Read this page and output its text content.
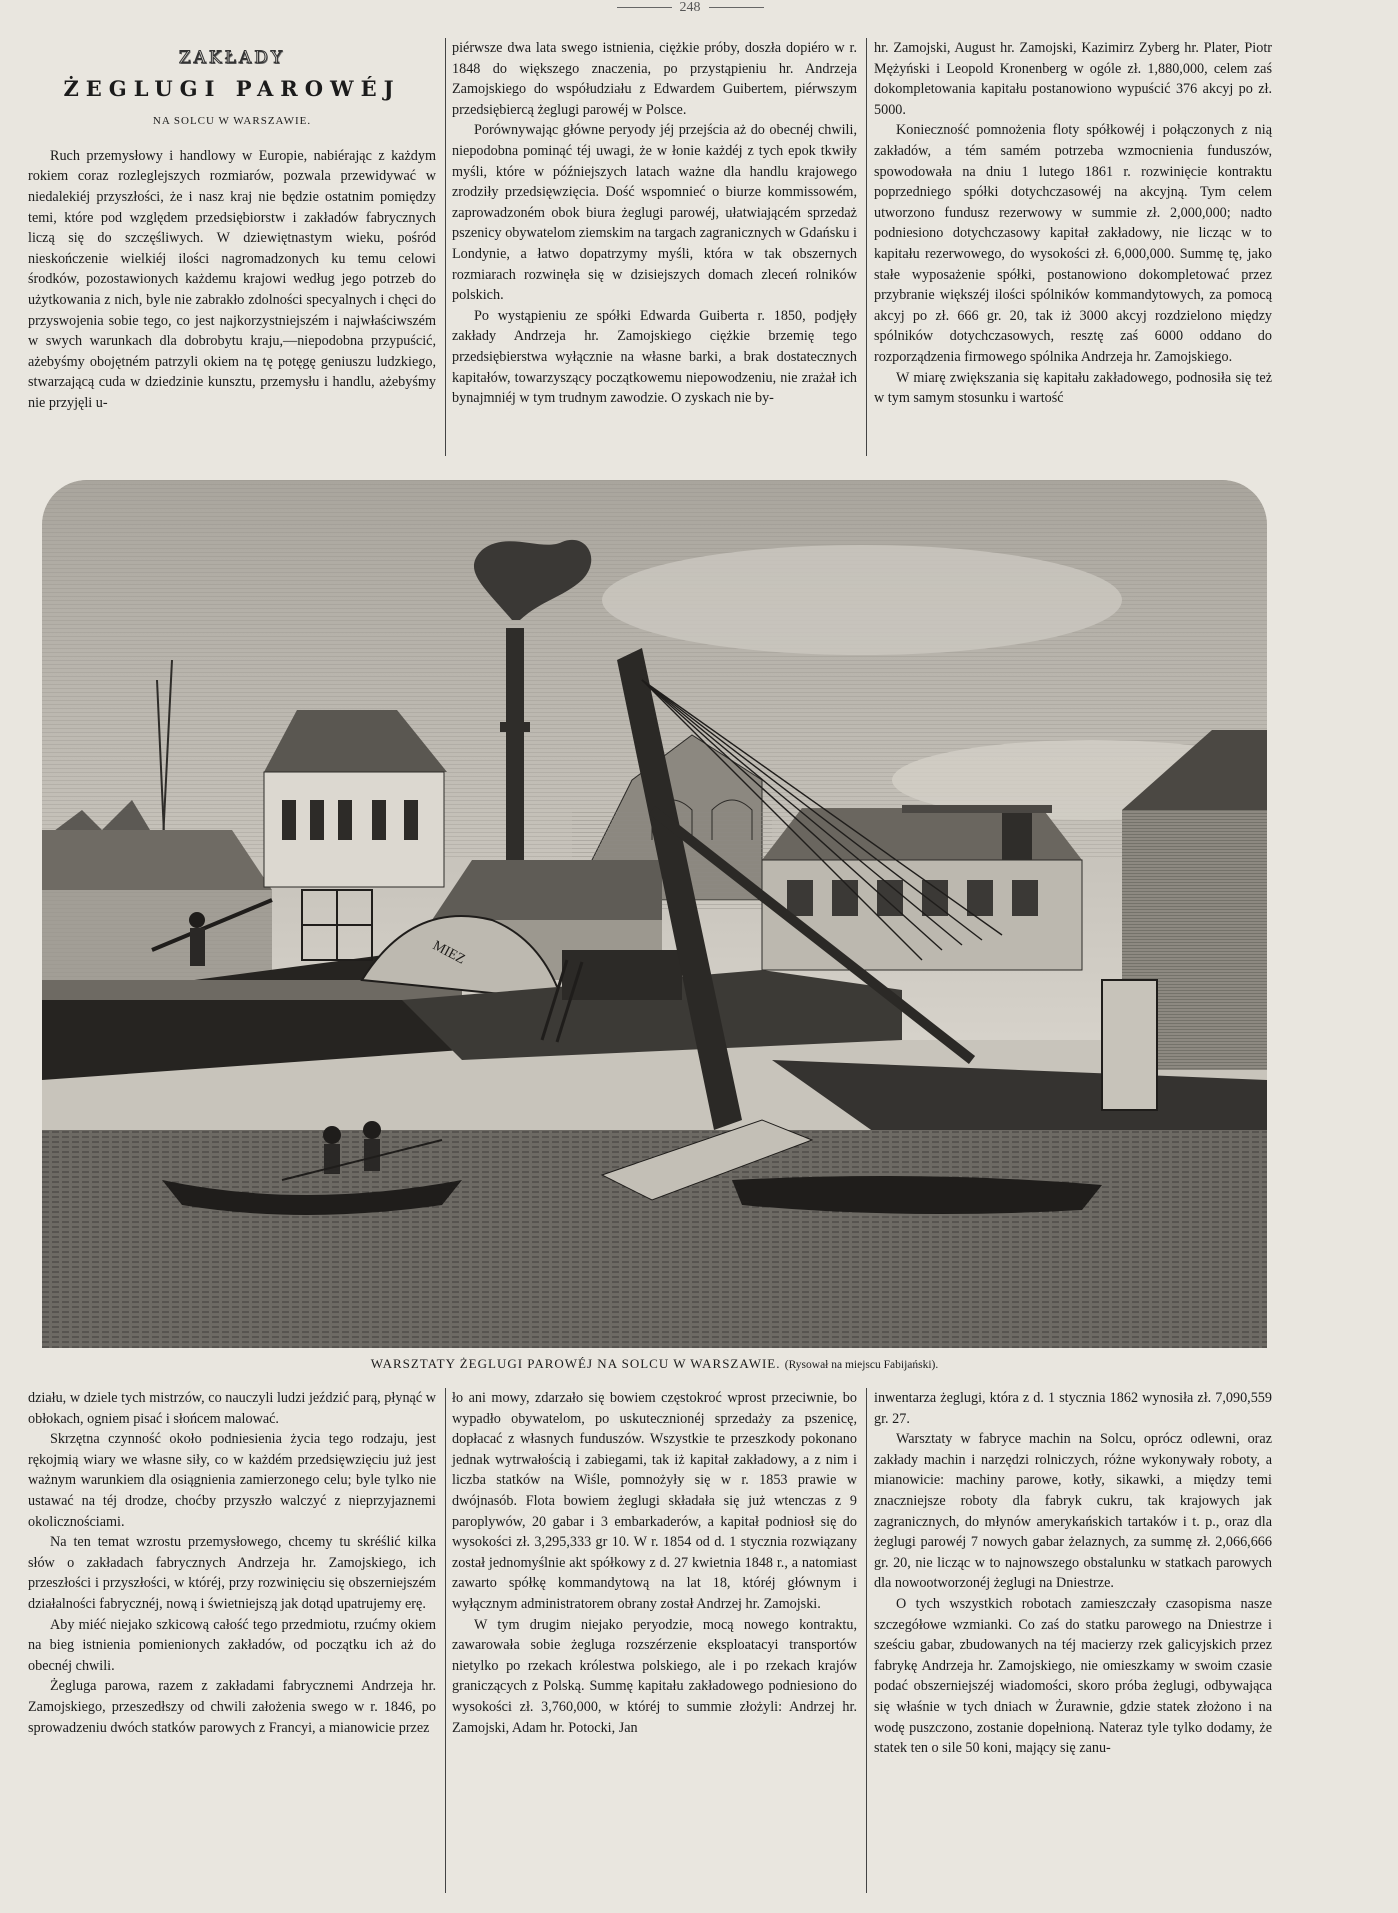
248
ZAKŁADY
ŻEGLUGI PAROWÉJ
NA SOLCU W WARSZAWIE.

Ruch przemysłowy i handlowy w Europie, nabiérając z każdym rokiem coraz rozleglejszych rozmiarów, pozwala przewidywać w niedalekiéj przyszłości, że i nasz kraj nie będzie ostatnim pomiędzy temi, które pod względem przedsiębiorstw i zakładów fabrycznych liczą się do szczęśliwych. W dziewiętnastym wieku, pośród nieskończenie wielkiéj ilości nagromadzonych ku temu celowi środków, pozostawionych każdemu krajowi według jego potrzeb do użytkowania z nich, byle nie zabrakło zdolności specyalnych i chęci do przyswojenia sobie tego, co jest najkorzystniejszém i najwłaściwszém w swych warunkach dla dobrobytu kraju,—niepodobna przypuścić, ażebyśmy obojętném patrzyli okiem na tę potęgę geniuszu ludzkiego, stwarzającą cuda w dziedzinie kunsztu, przemysłu i handlu, ażebyśmy nie przyjęli u-

piérwsze dwa lata swego istnienia, ciężkie próby, doszła dopiéro w r. 1848 do większego znaczenia, po przystąpieniu hr. Andrzeja Zamojskiego do współudziału z Edwardem Guibertem, piérwszym przedsiębiercą żeglugi parowéj w Polsce.

Porównywając główne peryody jéj przejścia aż do obecnéj chwili, niepodobna pominąć téj uwagi, że w łonie każdéj z tych epok tkwiły myśli, które w późniejszych latach ważne dla handlu krajowego zrodziły przedsięwzięcia. Dość wspomnieć o biurze kommissowém, zaprowadzoném obok biura żeglugi parowéj, ułatwiającém sprzedaż pszenicy obywatelom ziemskim na targach zagranicznych w Gdańsku i Londynie, a łatwo dopatrzymy myśli, która w tak obszernych rozmiarach rozwinęła się w dzisiejszych domach zleceń rolników polskich.

Po wystąpieniu ze spółki Edwarda Guiberta r. 1850, podjęły zakłady Andrzeja hr. Zamojskiego ciężkie brzemię tego przedsiębierstwa wyłącznie na własne barki, a brak dostatecznych kapitałów, towarzyszący początkowemu niepowodzeniu, nie zrażał ich bynajmniéj w tym trudnym zawodzie. O zyskach nie by-

hr. Zamojski, August hr. Zamojski, Kazimirz Zyberg hr. Plater, Piotr Mężyński i Leopold Kronenberg w ogóle zł. 1,880,000, celem zaś dokompletowania kapitału postanowiono wypuścić 376 akcyj po zł. 5000.

Konieczność pomnożenia floty spółkowéj i połączonych z nią zakładów, a tém samém potrzeba wzmocnienia funduszów, spowodowała na dniu 1 lutego 1861 r. rozwinięcie kontraktu poprzedniego spółki dotychczasowéj na akcyjną. Tym celem utworzono fundusz rezerwowy w summie zł. 2,000,000; nadto podniesiono dotychczasowy kapitał zakładowy, nie licząc w to kapitału rezerwowego, do wysokości zł. 6,000,000. Summę tę, jako stałe wyposażenie spółki, postanowiono dokompletować przez przybranie większéj ilości spólników kommandytowych, za pomocą akcyj po zł. 666 gr. 20, tak iż 3000 akcyj rozdzielono między spólników dotychczasowych, resztę zaś 6000 oddano do rozporządzenia firmowego spólnika Andrzeja hr. Zamojskiego.

W miarę zwiększania się kapitału zakładowego, podnosiła się też w tym samym stosunku i wartość

MIEZ
WARSZTATY ŻEGLUGI PAROWÉJ NA SOLCU W WARSZAWIE. (Rysował na miejscu Fabijański).

działu, w dziele tych mistrzów, co nauczyli ludzi jeździć parą, płynąć w obłokach, ogniem pisać i słońcem malować.

Skrzętna czynność około podniesienia życia tego rodzaju, jest rękojmią wiary we własne siły, co w każdém przedsięwzięciu już jest ważnym warunkiem dla osiągnienia zamierzonego celu; byle tylko nie ustawać na téj drodze, choćby przyszło walczyć z nieprzyjaznemi okolicznościami.

Na ten temat wzrostu przemysłowego, chcemy tu skréślić kilka słów o zakładach fabrycznych Andrzeja hr. Zamojskiego, ich przeszłości i przyszłości, w któréj, przy rozwinięciu się obszerniejszém działalności fabrycznéj, nową i świetniejszą jak dotąd upatrujemy erę.

Aby miéć niejako szkicową całość tego przedmiotu, rzućmy okiem na bieg istnienia pomienionych zakładów, od początku ich aż do obecnéj chwili.

Żegluga parowa, razem z zakładami fabrycznemi Andrzeja hr. Zamojskiego, przeszedłszy od chwili założenia swego w r. 1846, po sprowadzeniu dwóch statków parowych z Francyi, a mianowicie przez

ło ani mowy, zdarzało się bowiem częstokroć wprost przeciwnie, bo wypadło obywatelom, po uskutecznionéj sprzedaży za pszenicę, dopłacać z własnych funduszów. Wszystkie te przeszkody pokonano jednak wytrwałością i zabiegami, tak iż kapitał zakładowy, a z nim i liczba statków na Wiśle, pomnożyły się w r. 1853 prawie w dwójnasób. Flota bowiem żeglugi składała się już wtenczas z 9 paroplywów, 20 gabar i 3 embarkaderów, a kapitał podniosł się do wysokości zł. 3,295,333 gr 10. W r. 1854 od d. 1 stycznia rozwiązany został jednomyślnie akt spółkowy z d. 27 kwietnia 1848 r., a natomiast zawarto spółkę kommandytową na lat 18, któréj głównym i wyłącznym administratorem obrany został Andrzej hr. Zamojski.

W tym drugim niejako peryodzie, mocą nowego kontraktu, zawarowała sobie żegluga rozszérzenie eksploatacyi transportów nietylko po rzekach królestwa polskiego, ale i po rzekach krajów graniczących z Polską. Summę kapitału zakładowego podniesiono do wysokości zł. 3,760,000, w któréj to summie złożyli: Andrzej hr. Zamojski, Adam hr. Potocki, Jan

inwentarza żeglugi, która z d. 1 stycznia 1862 wynosiła zł. 7,090,559 gr. 27.

Warsztaty w fabryce machin na Solcu, oprócz odlewni, oraz zakłady machin i narzędzi rolniczych, różne wykonywały roboty, a mianowicie: machiny parowe, kotły, sikawki, a między temi znaczniejsze roboty dla fabryk cukru, tak krajowych jak zagranicznych, do młynów amerykańskich tartaków i t. p., oraz dla żeglugi parowéj 7 nowych gabar żelaznych, za summę zł. 2,066,666 gr. 20, nie licząc w to najnowszego obstalunku w statkach parowych dla nowootworzonéj żeglugi na Dniestrze.

O tych wszystkich robotach zamieszczały czasopisma nasze szczegółowe wzmianki. Co zaś do statku parowego na Dniestrze i sześciu gabar, zbudowanych na téj macierzy rzek galicyjskich przez fabrykę Andrzeja hr. Zamojskiego, nie omieszkamy w swoim czasie podać obszerniejszéj wiadomości, skoro próba żeglugi, odbywająca się właśnie w tych dniach w Żurawnie, gdzie statek złożono i na wodę puszczono, zostanie dopełnioną. Nateraz tyle tylko dodamy, że statek ten o sile 50 koni, mający się zanu-
